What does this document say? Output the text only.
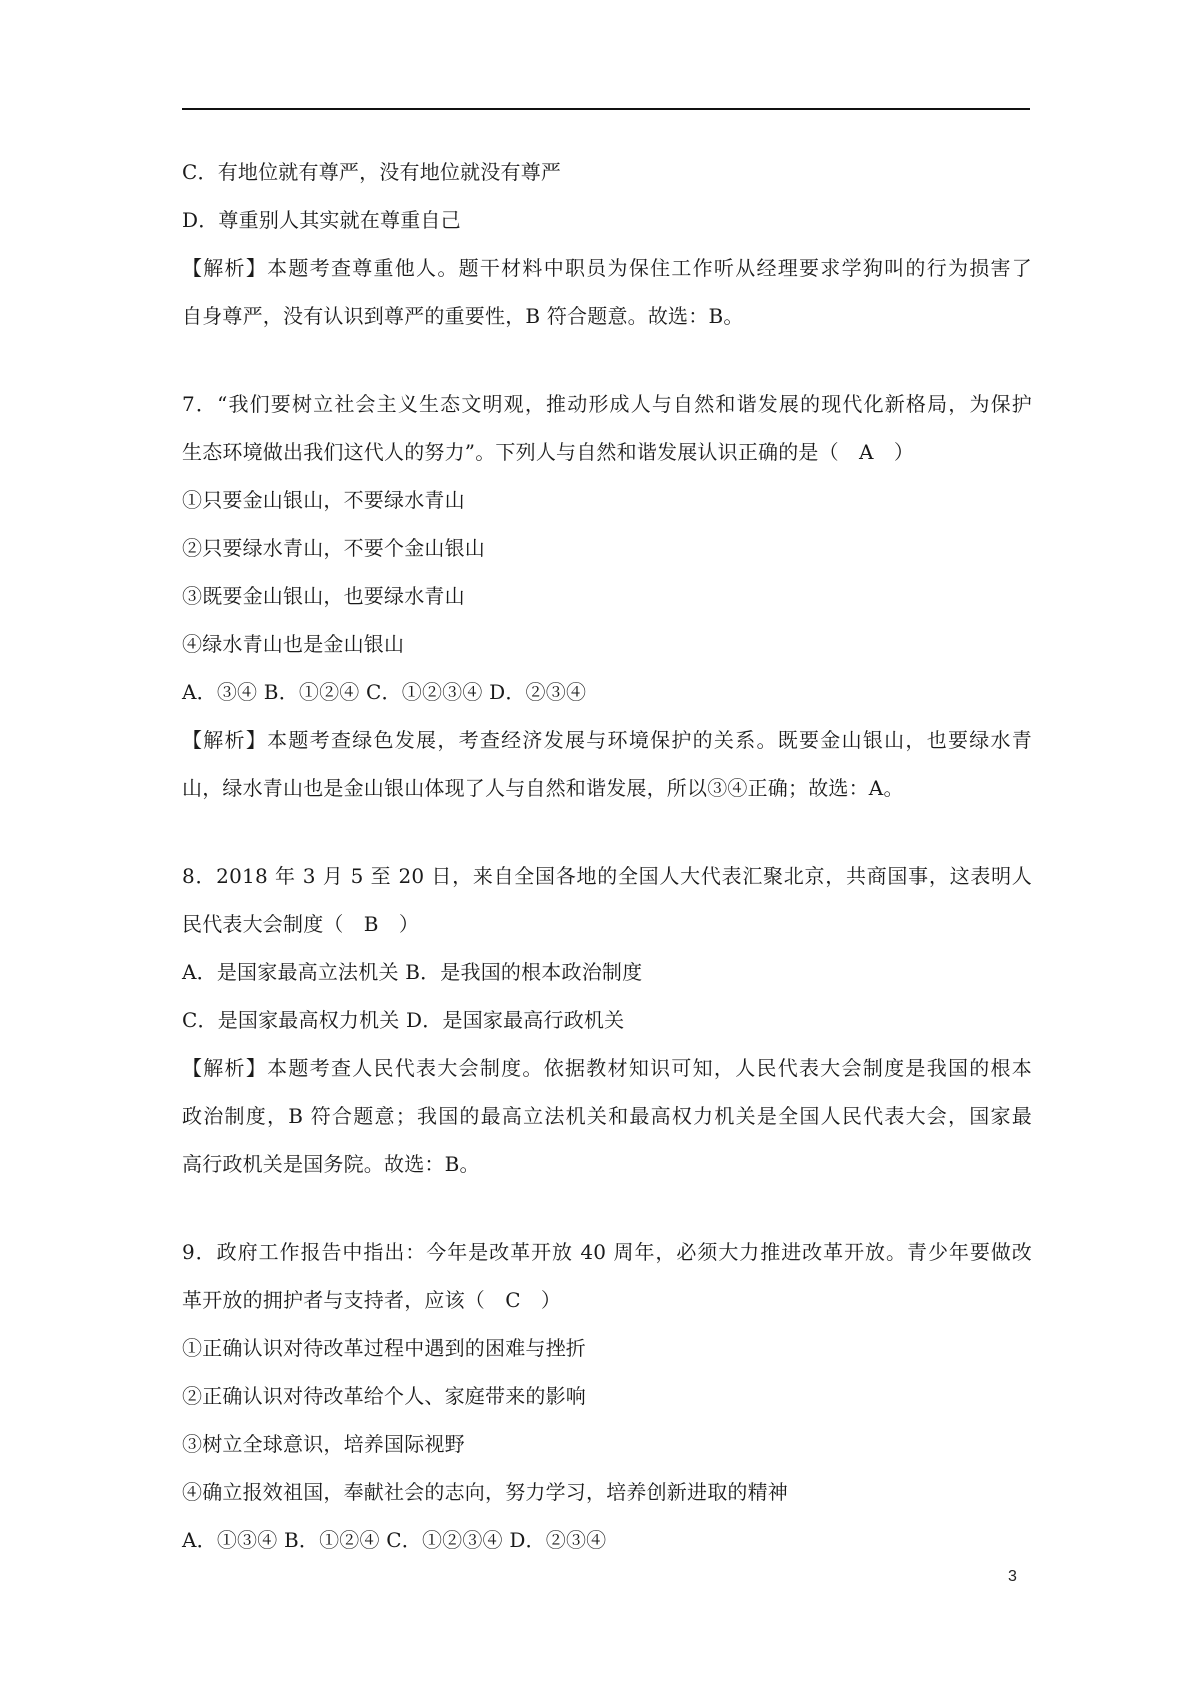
C．有地位就有尊严，没有地位就没有尊严
D．尊重别人其实就在尊重自己
【解析】本题考查尊重他人。题干材料中职员为保住工作听从经理要求学狗叫的行为损害了
自身尊严，没有认识到尊严的重要性，B 符合题意。故选：B。
7．“我们要树立社会主义生态文明观，推动形成人与自然和谐发展的现代化新格局，为保护
生态环境做出我们这代人的努力”。下列人与自然和谐发展认识正确的是（　A　）
①只要金山银山，不要绿水青山
②只要绿水青山，不要个金山银山
③既要金山银山，也要绿水青山
④绿水青山也是金山银山
A．③④ B．①②④ C．①②③④ D．②③④
【解析】本题考查绿色发展，考查经济发展与环境保护的关系。既要金山银山，也要绿水青
山，绿水青山也是金山银山体现了人与自然和谐发展，所以③④正确；故选：A。
8．2018 年 3 月 5 至 20 日，来自全国各地的全国人大代表汇聚北京，共商国事，这表明人
民代表大会制度（　B　）
A．是国家最高立法机关 B．是我国的根本政治制度
C．是国家最高权力机关 D．是国家最高行政机关
【解析】本题考查人民代表大会制度。依据教材知识可知，人民代表大会制度是我国的根本
政治制度，B 符合题意；我国的最高立法机关和最高权力机关是全国人民代表大会，国家最
高行政机关是国务院。故选：B。
9．政府工作报告中指出：今年是改革开放 40 周年，必须大力推进改革开放。青少年要做改
革开放的拥护者与支持者，应该（　C　）
①正确认识对待改革过程中遇到的困难与挫折
②正确认识对待改革给个人、家庭带来的影响
③树立全球意识，培养国际视野
④确立报效祖国，奉献社会的志向，努力学习，培养创新进取的精神
A．①③④ B．①②④ C．①②③④ D．②③④
3
